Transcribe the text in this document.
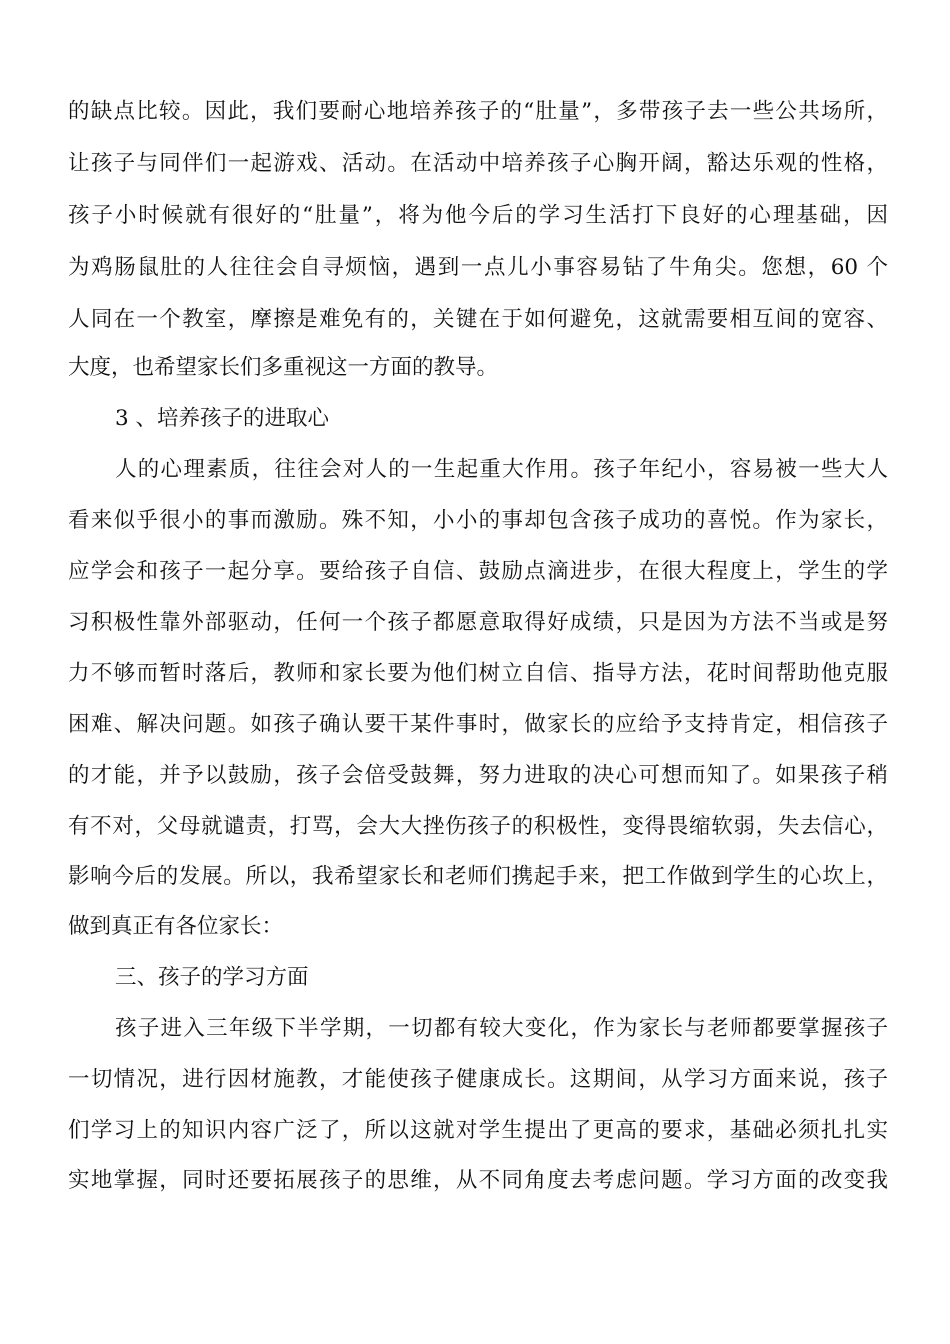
的缺点比较。因此，我们要耐心地培养孩子的“肚量”，多带孩子去一些公共场所，
让孩子与同伴们一起游戏、活动。在活动中培养孩子心胸开阔，豁达乐观的性格，
孩子小时候就有很好的“肚量”，将为他今后的学习生活打下良好的心理基础，因
为鸡肠鼠肚的人往往会自寻烦恼，遇到一点儿小事容易钻了牛角尖。您想，60 个
人同在一个教室，摩擦是难免有的，关键在于如何避免，这就需要相互间的宽容、
大度，也希望家长们多重视这一方面的教导。
3 、培养孩子的进取心
人的心理素质，往往会对人的一生起重大作用。孩子年纪小，容易被一些大人
看来似乎很小的事而激励。殊不知，小小的事却包含孩子成功的喜悦。作为家长，
应学会和孩子一起分享。要给孩子自信、鼓励点滴进步，在很大程度上，学生的学
习积极性靠外部驱动，任何一个孩子都愿意取得好成绩，只是因为方法不当或是努
力不够而暂时落后，教师和家长要为他们树立自信、指导方法，花时间帮助他克服
困难、解决问题。如孩子确认要干某件事时，做家长的应给予支持肯定，相信孩子
的才能，并予以鼓励，孩子会倍受鼓舞，努力进取的决心可想而知了。如果孩子稍
有不对，父母就谴责，打骂，会大大挫伤孩子的积极性，变得畏缩软弱，失去信心，
影响今后的发展。所以，我希望家长和老师们携起手来，把工作做到学生的心坎上，
做到真正有各位家长：
三、孩子的学习方面
孩子进入三年级下半学期，一切都有较大变化，作为家长与老师都要掌握孩子
一切情况，进行因材施教，才能使孩子健康成长。这期间，从学习方面来说，孩子
们学习上的知识内容广泛了，所以这就对学生提出了更高的要求，基础必须扎扎实
实地掌握，同时还要拓展孩子的思维，从不同角度去考虑问题。学习方面的改变我
